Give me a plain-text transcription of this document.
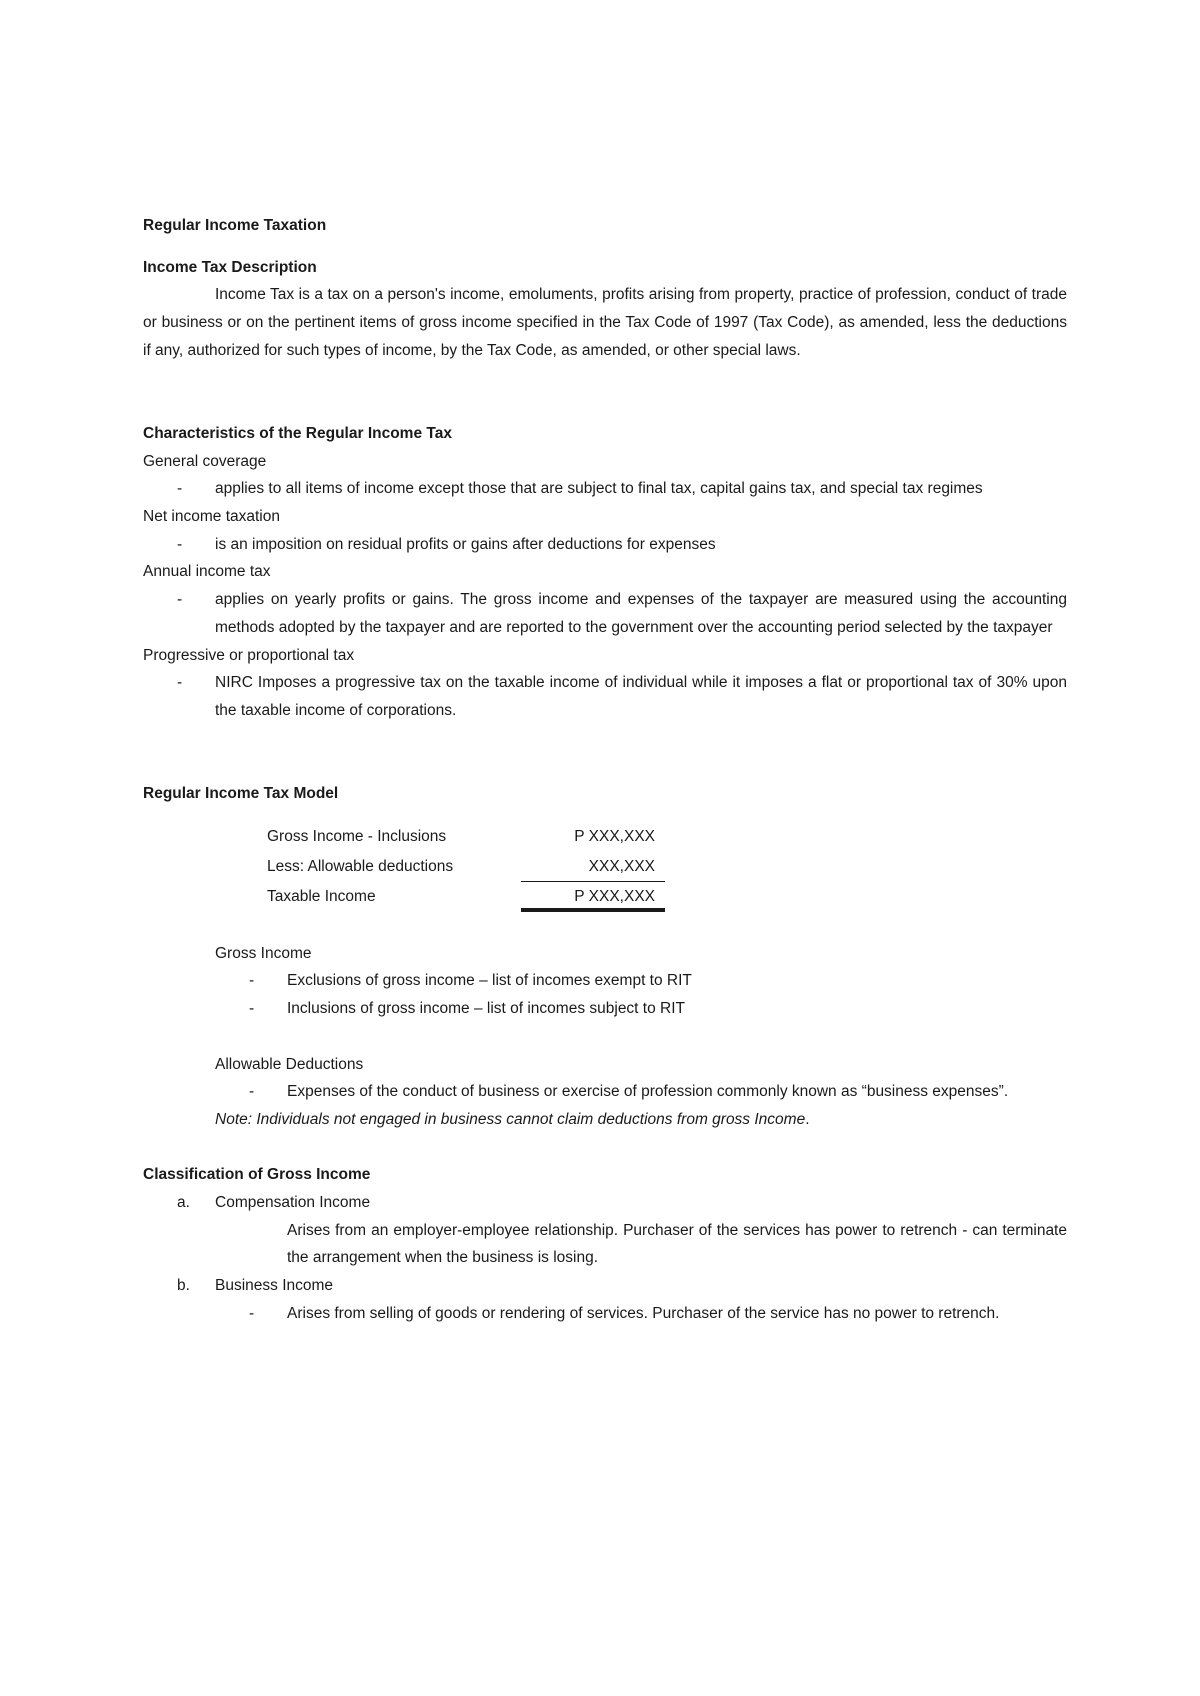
Regular Income Taxation
Income Tax Description
Income Tax is a tax on a person's income, emoluments, profits arising from property, practice of profession, conduct of trade or business or on the pertinent items of gross income specified in the Tax Code of 1997 (Tax Code), as amended, less the deductions if any, authorized for such types of income, by the Tax Code, as amended, or other special laws.
Characteristics of the Regular Income Tax
General coverage
-	applies to all items of income except those that are subject to final tax, capital gains tax, and special tax regimes
Net income taxation
-	is an imposition on residual profits or gains after deductions for expenses
Annual income tax
-	applies on yearly profits or gains. The gross income and expenses of the taxpayer are measured using the accounting methods adopted by the taxpayer and are reported to the government over the accounting period selected by the taxpayer
Progressive or proportional tax
-	NIRC Imposes a progressive tax on the taxable income of individual while it imposes a flat or proportional tax of 30% upon the taxable income of corporations.
Regular Income Tax Model
Gross Income - Inclusions	P XXX,XXX
Less: Allowable deductions	XXX,XXX
Taxable Income	P XXX,XXX
Gross Income
-	Exclusions of gross income – list of incomes exempt to RIT
-	Inclusions of gross income – list of incomes subject to RIT
Allowable Deductions
-	Expenses of the conduct of business or exercise of profession commonly known as “business expenses”.
Note: Individuals not engaged in business cannot claim deductions from gross Income.
Classification of Gross Income
a.	Compensation Income
Arises from an employer-employee relationship. Purchaser of the services has power to retrench - can terminate the arrangement when the business is losing.
b.	Business Income
-	Arises from selling of goods or rendering of services. Purchaser of the service has no power to retrench.
